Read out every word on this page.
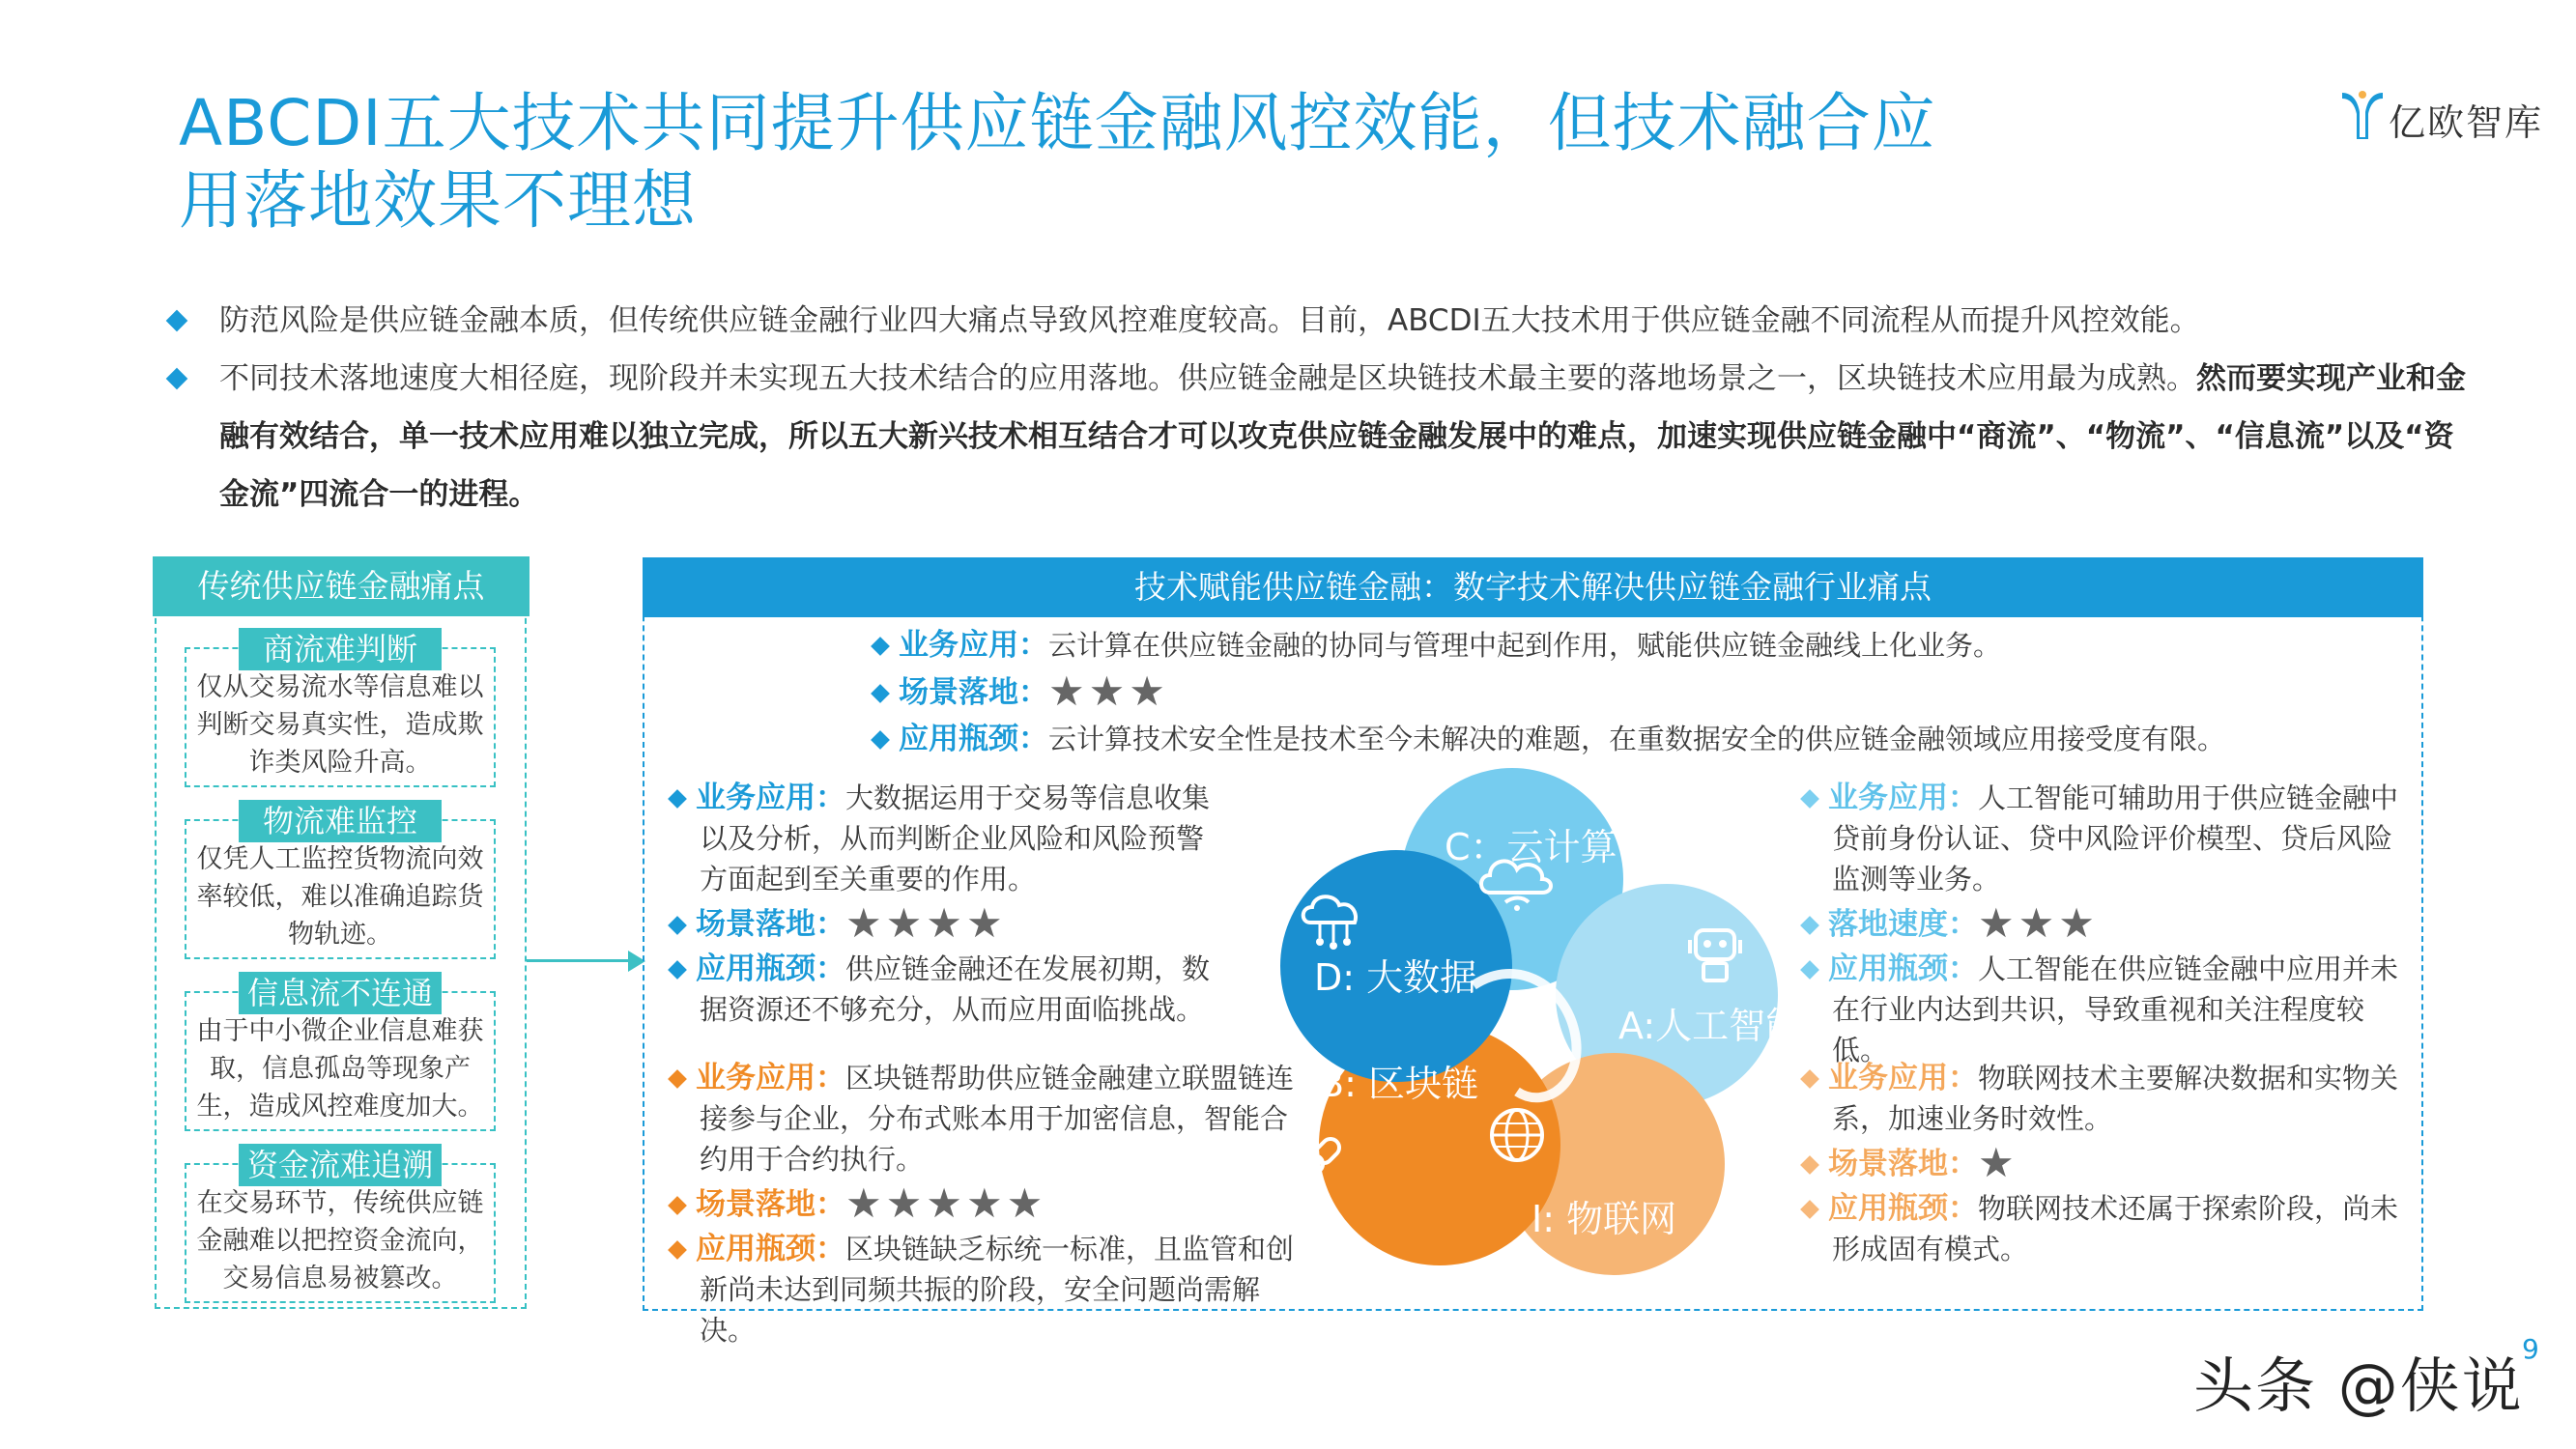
ABCDI五大技术共同提升供应链金融风控效能，但技术融合应
用落地效果不理想
亿欧智库
防范风险是供应链金融本质，但传统供应链金融行业四大痛点导致风控难度较高。目前，ABCDI五大技术用于供应链金融不同流程从而提升风控效能。
不同技术落地速度大相径庭，现阶段并未实现五大技术结合的应用落地。供应链金融是区块链技术最主要的落地场景之一，区块链技术应用最为成熟。然而要实现产业和金融有效结合，单一技术应用难以独立完成，所以五大新兴技术相互结合才可以攻克供应链金融发展中的难点，加速实现供应链金融中“商流”、“物流”、“信息流”以及“资金流”四流合一的进程。
传统供应链金融痛点
仅从交易流水等信息难以判断交易真实性，造成欺诈类风险升高。
商流难判断
仅凭人工监控货物流向效率较低，难以准确追踪货物轨迹。
物流难监控
由于中小微企业信息难获取，信息孤岛等现象产生，造成风控难度加大。
信息流不连通
在交易环节，传统供应链金融难以把控资金流向，交易信息易被篡改。
资金流难追溯
技术赋能供应链金融：数字技术解决供应链金融行业痛点
业务应用：云计算在供应链金融的协同与管理中起到作用，赋能供应链金融线上化业务。
场景落地：★★★
应用瓶颈：云计算技术安全性是技术至今未解决的难题，在重数据安全的供应链金融领域应用接受度有限。
业务应用：大数据运用于交易等信息收集以及分析，从而判断企业风险和风险预警方面起到至关重要的作用。
场景落地：★★★★
应用瓶颈：供应链金融还在发展初期，数据资源还不够充分，从而应用面临挑战。
业务应用：区块链帮助供应链金融建立联盟链连接参与企业，分布式账本用于加密信息，智能合约用于合约执行。
场景落地：★★★★★
应用瓶颈：区块链缺乏标统一标准，且监管和创新尚未达到同频共振的阶段，安全问题尚需解决。
业务应用：人工智能可辅助用于供应链金融中贷前身份认证、贷中风险评价模型、贷后风险监测等业务。
落地速度：★★★
应用瓶颈：人工智能在供应链金融中应用并未在行业内达到共识，导致重视和关注程度较低。
业务应用：物联网技术主要解决数据和实物关系，加速业务时效性。
场景落地：★
应用瓶颈：物联网技术还属于探索阶段，尚未形成固有模式。
C：云计算
D: 大数据
A:人工智能
B: 区块链
I: 物联网
头条 @侠说
9
